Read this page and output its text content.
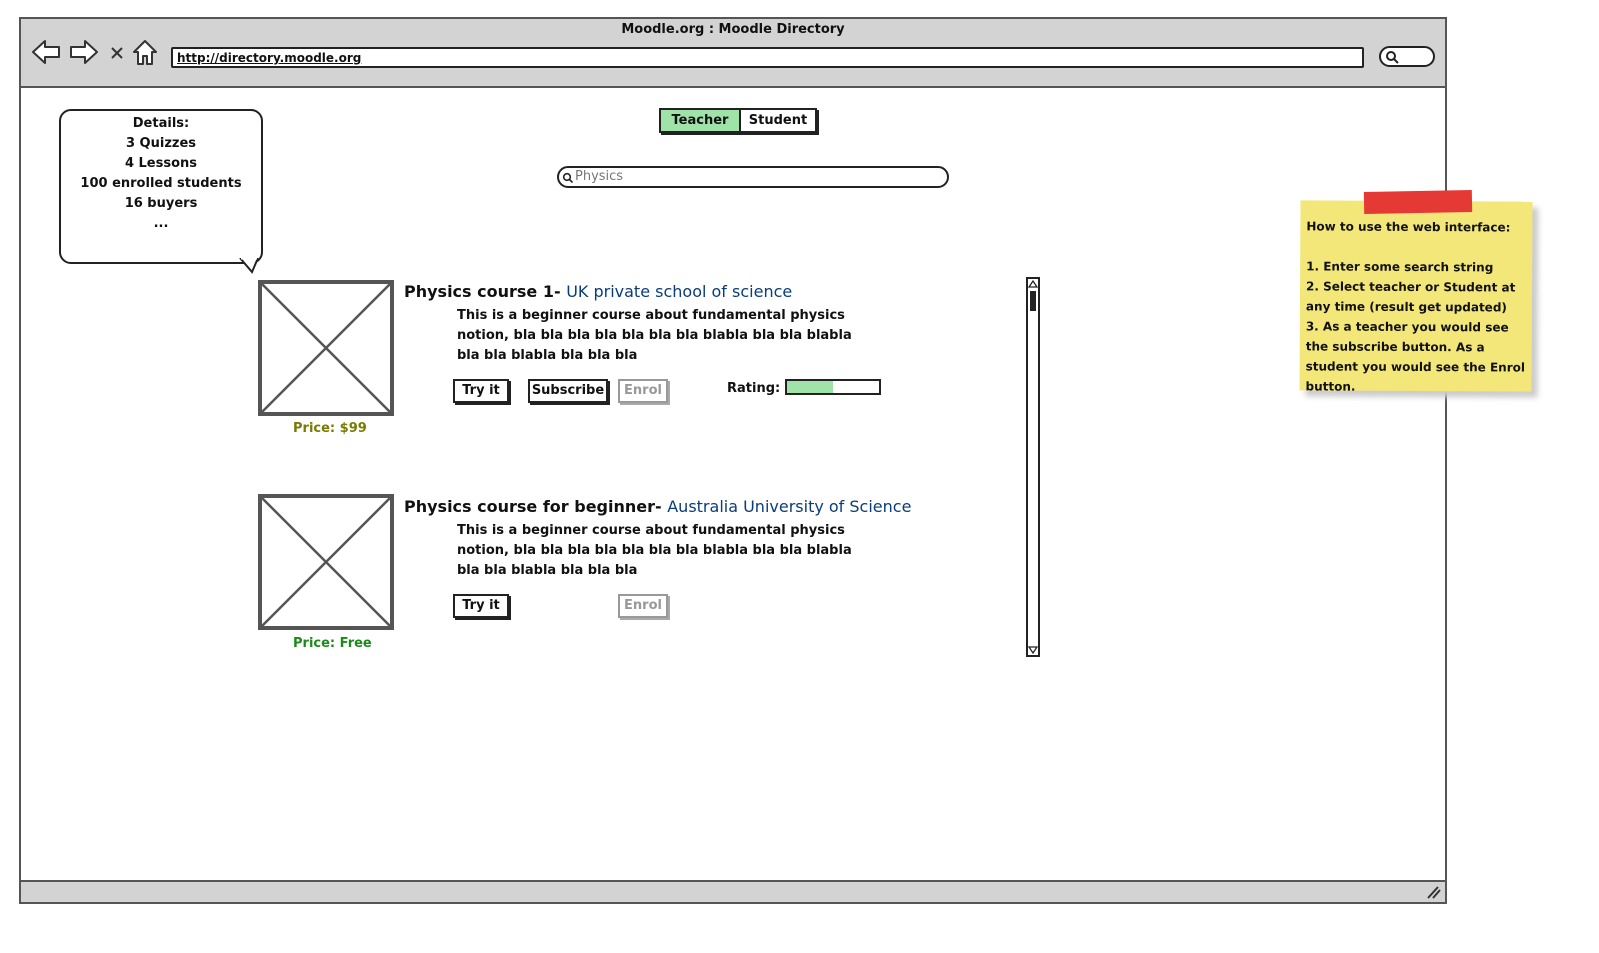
Moodle.org : Moodle Directory
http://directory.moodle.org
Details:
3 Quizzes
4 Lessons
100 enrolled students
16 buyers
...
Teacher	Student
Physics
Price: $99
Physics course 1- UK private school of science
This is a beginner course about fundamental physics notion, bla bla bla bla bla bla bla blabla bla bla blabla bla bla blabla bla bla bla
Try it	Subscribe	Enrol	Rating:
Price: Free
Physics course for beginner- Australia University of Science
This is a beginner course about fundamental physics notion, bla bla bla bla bla bla bla blabla bla bla blabla bla bla blabla bla bla bla
Try it	Enrol

How to use the web interface:

1. Enter some search string

2. Select teacher or Student at any time (result get updated)

3. As a teacher you would see the subscribe button. As a student you would see the Enrol button.
